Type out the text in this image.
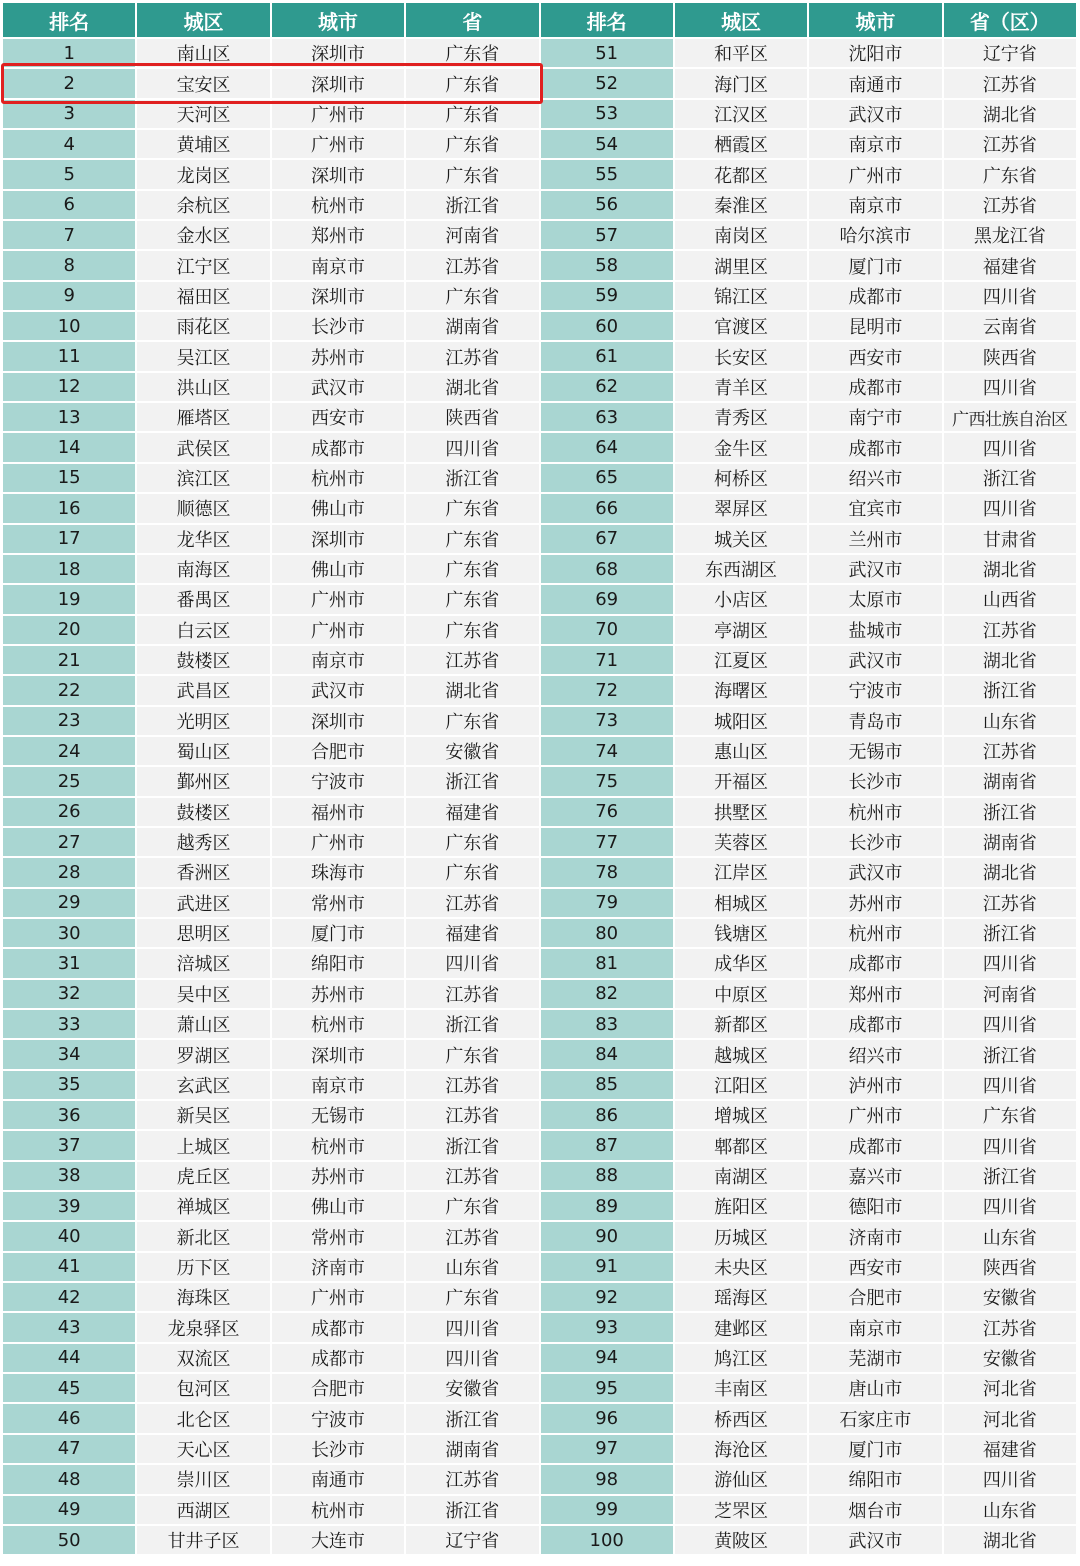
排名	城区	城市	省	排名	城区	城市	省（区）
1	南山区	深圳市	广东省	51	和平区	沈阳市	辽宁省
2	宝安区	深圳市	广东省	52	海门区	南通市	江苏省
3	天河区	广州市	广东省	53	江汉区	武汉市	湖北省
4	黄埔区	广州市	广东省	54	栖霞区	南京市	江苏省
5	龙岗区	深圳市	广东省	55	花都区	广州市	广东省
6	余杭区	杭州市	浙江省	56	秦淮区	南京市	江苏省
7	金水区	郑州市	河南省	57	南岗区	哈尔滨市	黑龙江省
8	江宁区	南京市	江苏省	58	湖里区	厦门市	福建省
9	福田区	深圳市	广东省	59	锦江区	成都市	四川省
10	雨花区	长沙市	湖南省	60	官渡区	昆明市	云南省
11	吴江区	苏州市	江苏省	61	长安区	西安市	陕西省
12	洪山区	武汉市	湖北省	62	青羊区	成都市	四川省
13	雁塔区	西安市	陕西省	63	青秀区	南宁市	广西壮族自治区
14	武侯区	成都市	四川省	64	金牛区	成都市	四川省
15	滨江区	杭州市	浙江省	65	柯桥区	绍兴市	浙江省
16	顺德区	佛山市	广东省	66	翠屏区	宜宾市	四川省
17	龙华区	深圳市	广东省	67	城关区	兰州市	甘肃省
18	南海区	佛山市	广东省	68	东西湖区	武汉市	湖北省
19	番禺区	广州市	广东省	69	小店区	太原市	山西省
20	白云区	广州市	广东省	70	亭湖区	盐城市	江苏省
21	鼓楼区	南京市	江苏省	71	江夏区	武汉市	湖北省
22	武昌区	武汉市	湖北省	72	海曙区	宁波市	浙江省
23	光明区	深圳市	广东省	73	城阳区	青岛市	山东省
24	蜀山区	合肥市	安徽省	74	惠山区	无锡市	江苏省
25	鄞州区	宁波市	浙江省	75	开福区	长沙市	湖南省
26	鼓楼区	福州市	福建省	76	拱墅区	杭州市	浙江省
27	越秀区	广州市	广东省	77	芙蓉区	长沙市	湖南省
28	香洲区	珠海市	广东省	78	江岸区	武汉市	湖北省
29	武进区	常州市	江苏省	79	相城区	苏州市	江苏省
30	思明区	厦门市	福建省	80	钱塘区	杭州市	浙江省
31	涪城区	绵阳市	四川省	81	成华区	成都市	四川省
32	吴中区	苏州市	江苏省	82	中原区	郑州市	河南省
33	萧山区	杭州市	浙江省	83	新都区	成都市	四川省
34	罗湖区	深圳市	广东省	84	越城区	绍兴市	浙江省
35	玄武区	南京市	江苏省	85	江阳区	泸州市	四川省
36	新吴区	无锡市	江苏省	86	增城区	广州市	广东省
37	上城区	杭州市	浙江省	87	郫都区	成都市	四川省
38	虎丘区	苏州市	江苏省	88	南湖区	嘉兴市	浙江省
39	禅城区	佛山市	广东省	89	旌阳区	德阳市	四川省
40	新北区	常州市	江苏省	90	历城区	济南市	山东省
41	历下区	济南市	山东省	91	未央区	西安市	陕西省
42	海珠区	广州市	广东省	92	瑶海区	合肥市	安徽省
43	龙泉驿区	成都市	四川省	93	建邺区	南京市	江苏省
44	双流区	成都市	四川省	94	鸠江区	芜湖市	安徽省
45	包河区	合肥市	安徽省	95	丰南区	唐山市	河北省
46	北仑区	宁波市	浙江省	96	桥西区	石家庄市	河北省
47	天心区	长沙市	湖南省	97	海沧区	厦门市	福建省
48	崇川区	南通市	江苏省	98	游仙区	绵阳市	四川省
49	西湖区	杭州市	浙江省	99	芝罘区	烟台市	山东省
50	甘井子区	大连市	辽宁省	100	黄陂区	武汉市	湖北省
